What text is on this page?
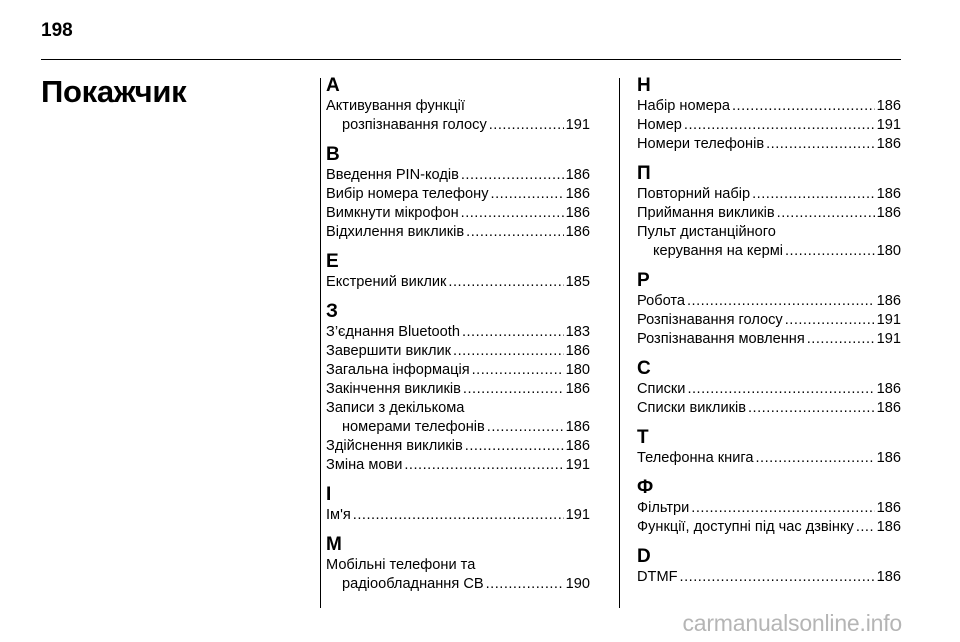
198
Покажчик	А
Активування функції
розпізнавання голосу .....	191
В
Введення PIN-кодів .....	186
Вибір номера телефону .....	186
Вимкнути мікрофон .....	186
Відхилення викликів .....	186
Е
Екстрений виклик .....	185
З
З’єднання Bluetooth .....	183
Завершити виклик .....	186
Загальна інформація .....	180
Закінчення викликів .....	186
Записи з декількома
номерами телефонів .....	186
Здійснення викликів .....	186
Зміна мови .....	191
І
Ім'я .....	191
М
Мобільні телефони та
радіообладнання CB .....	190
Н
Набір номера .....	186
Номер .....	191
Номери телефонів .....	186
П
Повторний набір .....	186
Приймання викликів .....	186
Пульт дистанційного
керування на кермі .....	180
Р
Робота .....	186
Розпізнавання голосу .....	191
Розпізнавання мовлення .....	191
С
Списки .....	186
Списки викликів .....	186
Т
Телефонна книга .....	186
Ф
Фільтри .....	186
Функції, доступні під час дзвінку ..... 186
D
DTMF .....	186
carmanualsonline.info
